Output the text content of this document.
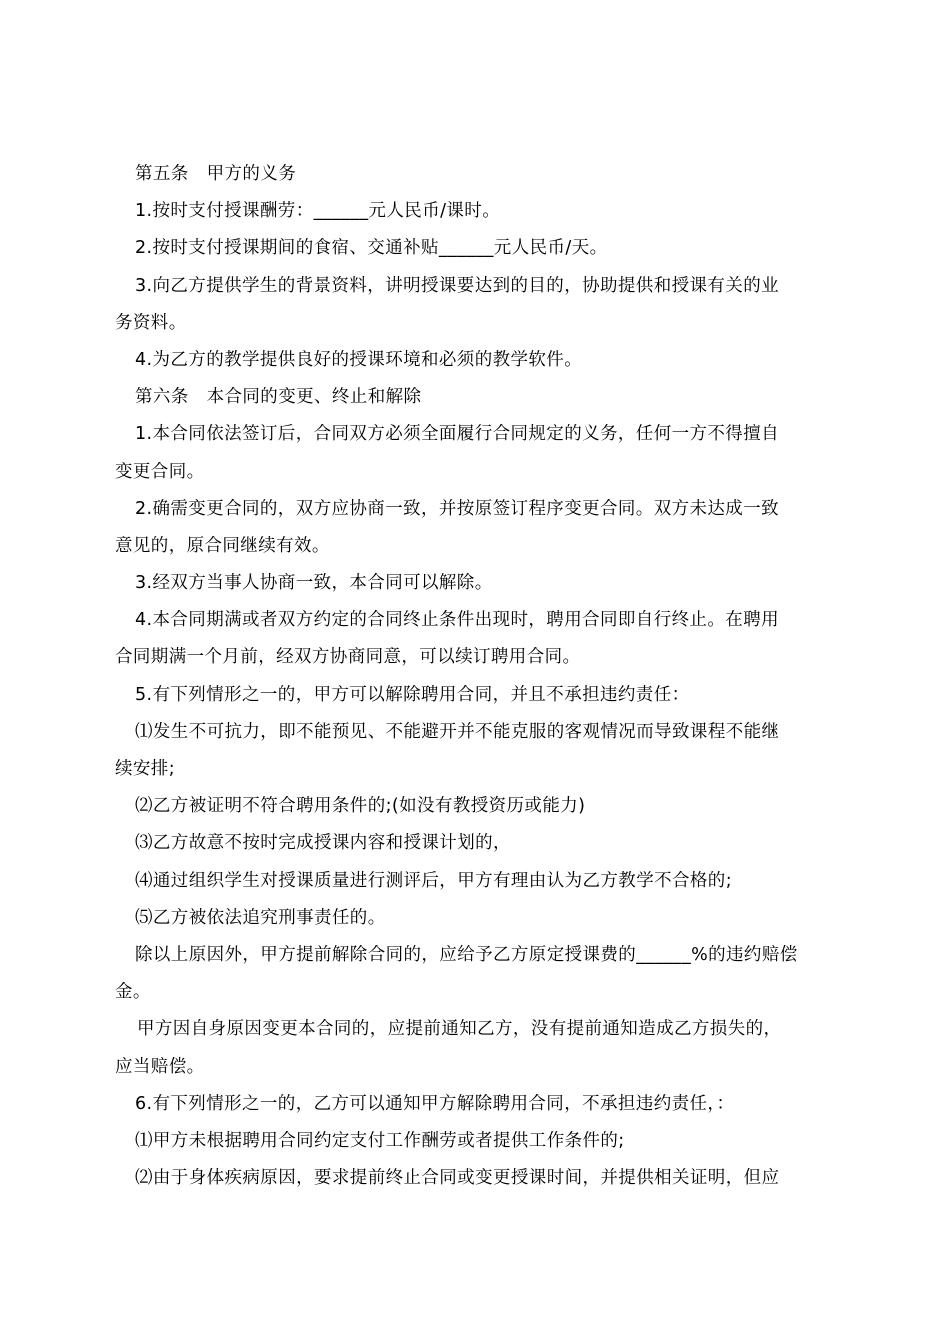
第五条　甲方的义务
1.按时支付授课酬劳：______元人民币/课时。
2.按时支付授课期间的食宿、交通补贴______元人民币/天。
3.向乙方提供学生的背景资料，讲明授课要达到的目的，协助提供和授课有关的业
务资料。
4.为乙方的教学提供良好的授课环境和必须的教学软件。
第六条　本合同的变更、终止和解除
1.本合同依法签订后，合同双方必须全面履行合同规定的义务，任何一方不得擅自
变更合同。
2.确需变更合同的，双方应协商一致，并按原签订程序变更合同。双方未达成一致
意见的，原合同继续有效。
3.经双方当事人协商一致，本合同可以解除。
4.本合同期满或者双方约定的合同终止条件出现时，聘用合同即自行终止。在聘用
合同期满一个月前，经双方协商同意，可以续订聘用合同。
5.有下列情形之一的，甲方可以解除聘用合同，并且不承担违约责任：
⑴发生不可抗力，即不能预见、不能避开并不能克服的客观情况而导致课程不能继
续安排;
⑵乙方被证明不符合聘用条件的;(如没有教授资历或能力)
⑶乙方故意不按时完成授课内容和授课计划的，
⑷通过组织学生对授课质量进行测评后，甲方有理由认为乙方教学不合格的;
⑸乙方被依法追究刑事责任的。
除以上原因外，甲方提前解除合同的，应给予乙方原定授课费的______%的违约赔偿
金。
甲方因自身原因变更本合同的，应提前通知乙方，没有提前通知造成乙方损失的，
应当赔偿。
6.有下列情形之一的，乙方可以通知甲方解除聘用合同，不承担违约责任，：
⑴甲方未根据聘用合同约定支付工作酬劳或者提供工作条件的;
⑵由于身体疾病原因，要求提前终止合同或变更授课时间，并提供相关证明，但应
